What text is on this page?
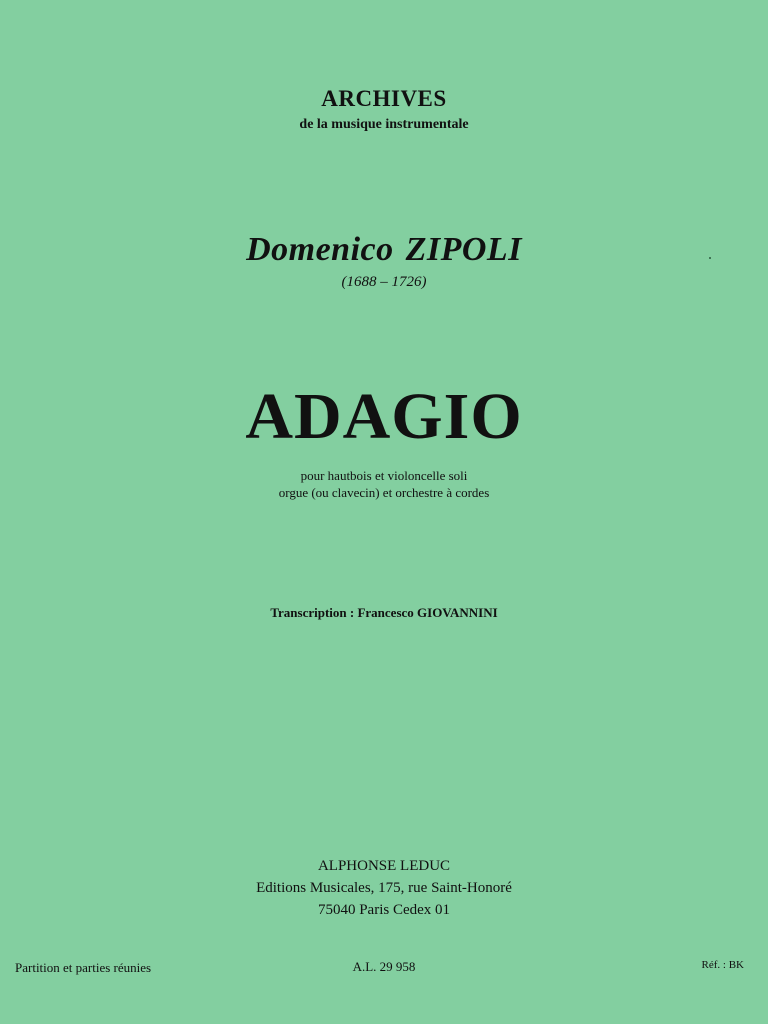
ARCHIVES
de la musique instrumentale
Domenico ZIPOLI
(1688 – 1726)
ADAGIO
pour hautbois et violoncelle soli
orgue (ou clavecin) et orchestre à cordes
Transcription : Francesco GIOVANNINI
ALPHONSE LEDUC
Editions Musicales, 175, rue Saint-Honoré
75040 Paris Cedex 01
Partition et parties réunies	A.L. 29 958	Réf. : BK
